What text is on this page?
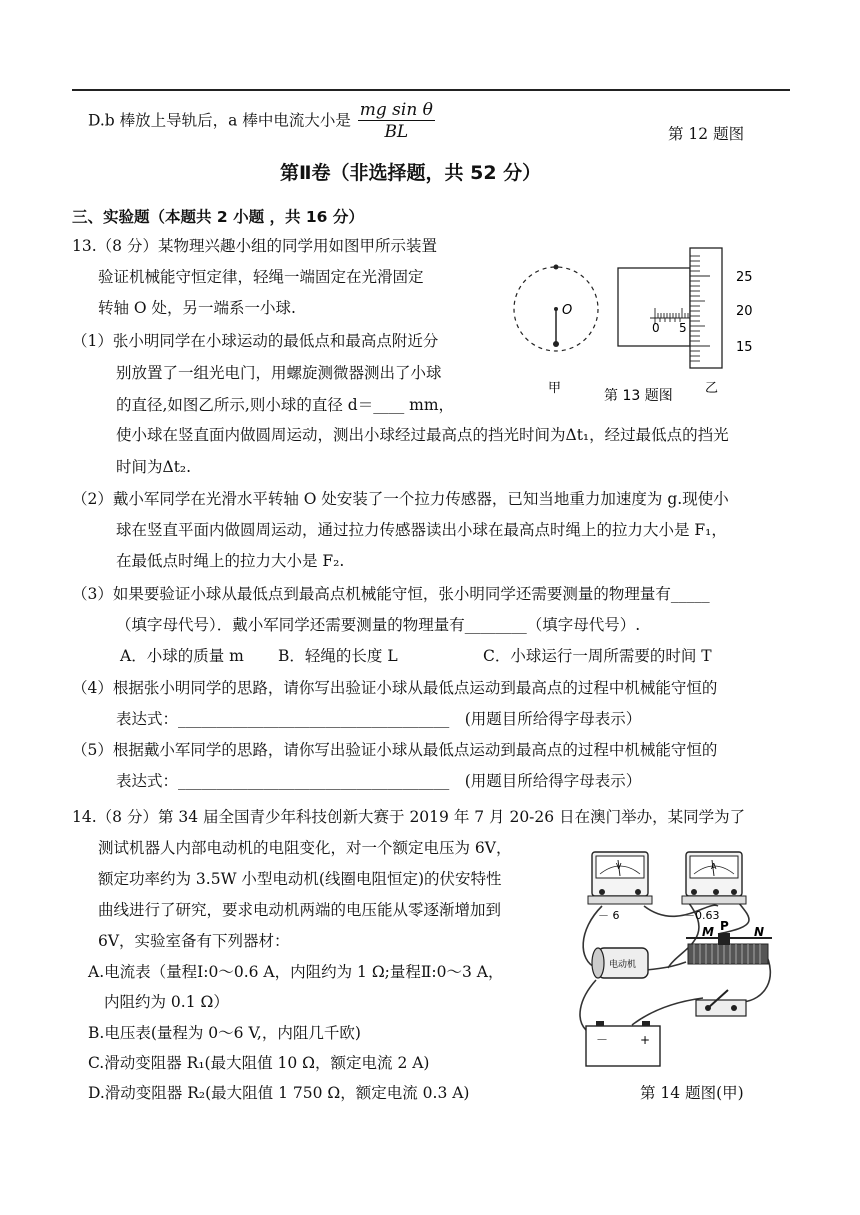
D.b 棒放上导轨后，a 棒中电流大小是 $\frac{\text{mg sin θ}}{BL}$	第 12 题图
第Ⅱ卷（非选择题，共 52 分）
三、实验题（本题共 2 小题 ，共 16 分）
13.（8 分）某物理兴趣小组的同学用如图甲所示装置
验证机械能守恒定律，轻绳一端固定在光滑固定
转轴 O 处，另一端系一小球.
（1）张小明同学在小球运动的最低点和最高点附近分
别放置了一组光电门，用螺旋测微器测出了小球
的直径,如图乙所示,则小球的直径 d＝____ mm，
使小球在竖直面内做圆周运动，测出小球经过最高点的挡光时间为Δt₁，经过最低点的挡光
时间为Δt₂.
（2）戴小军同学在光滑水平转轴 O 处安装了一个拉力传感器，已知当地重力加速度为 g.现使小
球在竖直平面内做圆周运动，通过拉力传感器读出小球在最高点时绳上的拉力大小是 F₁，
在最低点时绳上的拉力大小是 F₂.
（3）如果要验证小球从最低点到最高点机械能守恒，张小明同学还需要测量的物理量有_____
（填字母代号）．戴小军同学还需要测量的物理量有________（填字母代号）.
A．小球的质量 m B．轻绳的长度 L	C．小球运行一周所需要的时间 T
（4）根据张小明同学的思路，请你写出验证小球从最低点运动到最高点的过程中机械能守恒的
表达式：___________________________________　(用题目所给得字母表示）
（5）根据戴小军同学的思路，请你写出验证小球从最低点运动到最高点的过程中机械能守恒的
表达式：___________________________________　(用题目所给得字母表示）
O
甲
0 5
25
20
15
第 13 题图 乙
14.（8 分）第 34 届全国青少年科技创新大赛于 2019 年 7 月 20-26 日在澳门举办，某同学为了
测试机器人内部电动机的电阻变化，对一个额定电压为 6V，
额定功率约为 3.5W 小型电动机(线圈电阻恒定)的伏安特性
曲线进行了研究，要求电动机两端的电压能从零逐渐增加到
6V，实验室备有下列器材：
A.电流表（量程Ⅰ:0～0.6 A，内阻约为 1 Ω;量程Ⅱ:0～3 A，
内阻约为 0.1 Ω）
B.电压表(量程为 0～6 V,，内阻几千欧)
C.滑动变阻器 R₁(最大阻值 10 Ω，额定电流 2 A)
D.滑动变阻器 R₂(最大阻值 1 750 Ω，额定电流 0.3 A)	第 14 题图(甲)
V
－ 6
A
－0.63
电动机
M P N
－	+
